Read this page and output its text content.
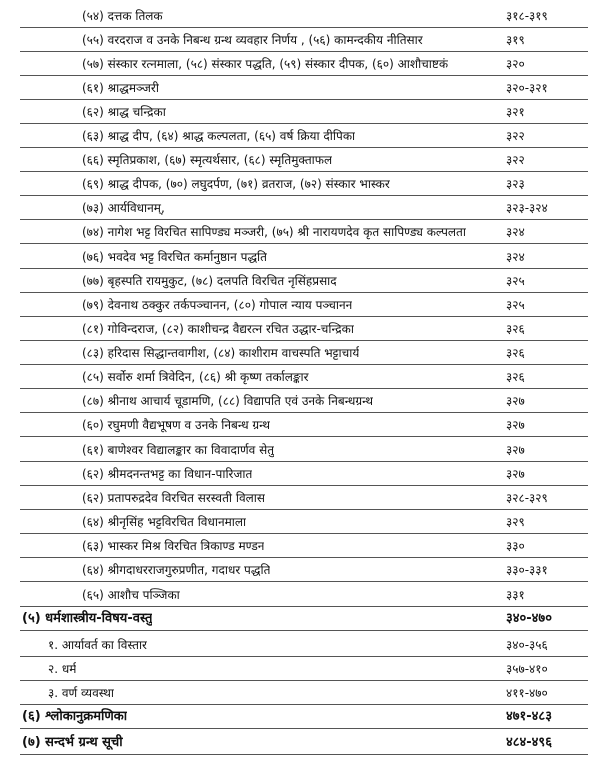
(५४) दत्तक तिलक	३१८-३१९
(५५) वरदराज व उनके निबन्ध ग्रन्थ व्यवहार निर्णय , (५६) कामन्दकीय नीतिसार	३१९
(५७) संस्कार रत्नमाला, (५८) संस्कार पद्धति, (५९) संस्कार दीपक, (६०) आशौचाष्टकं	३२०
(६१) श्राद्धमञ्जरी	३२०-३२१
(६२) श्राद्ध चन्द्रिका	३२१
(६३) श्राद्ध दीप, (६४) श्राद्ध कल्पलता, (६५) वर्ष क्रिया दीपिका	३२२
(६६) स्मृतिप्रकाश, (६७) स्मृत्यर्थसार, (६८) स्मृतिमुक्ताफल	३२२
(६९) श्राद्ध दीपक, (७०) लघुदर्पण, (७१) व्रतराज, (७२) संस्कार भास्कर	३२३
(७३) आर्यविधानम्,	३२३-३२४
(७४) नागेश भट्ट विरचित सापिण्ड्य मञ्जरी, (७५) श्री नारायणदेव कृत सापिण्ड्य कल्पलता	३२४
(७६) भवदेव भट्ट विरचित कर्मानुष्ठान पद्धति	३२४
(७७) बृहस्पति रायमुकुट, (७८) दलपति विरचित नृसिंहप्रसाद	३२५
(७९) देवनाथ ठक्कुर तर्कपञ्चानन, (८०) गोपाल न्याय पञ्चानन	३२५
(८१) गोविन्दराज, (८२) काशीचन्द्र वैद्यरत्न रचित उद्धार-चन्द्रिका	३२६
(८३) हरिदास सिद्धान्तवागीश, (८४) काशीराम वाचस्पति भट्टाचार्य	३२६
(८५) सर्वोरु शर्मा त्रिवेदिन, (८६) श्री कृष्ण तर्कालङ्कार	३२६
(८७) श्रीनाथ आचार्य चूडामणि, (८८) विद्यापति एवं उनके निबन्धग्रन्थ	३२७
(६०) रघुमणी वैद्यभूषण व उनके निबन्ध ग्रन्थ	३२७
(६१) बाणेश्वर विद्यालङ्कार का विवादार्णव सेतु	३२७
(६२) श्रीमदनन्तभट्ट का विधान-पारिजात	३२७
(६२) प्रतापरुद्रदेव विरचित सरस्वती विलास	३२८-३२९
(६४) श्रीनृसिंह भट्टविरचित विधानमाला	३२९
(६३) भास्कर मिश्र विरचित त्रिकाण्ड मण्डन	३३०
(६४) श्रीगदाधरराजगुरुप्रणीत, गदाधर पद्धति	३३०-३३१
(६५) आशौच पञ्जिका	३३१
(५) धर्मशास्त्रीय-विषय-वस्तु	३४०-४७०
१. आर्यावर्त का विस्तार	३४०-३५६
२. धर्म	३५७-४१०
३. वर्ण व्यवस्था	४११-४७०
(६) श्लोकानुक्रमणिका	४७१-४८३
(७) सन्दर्भ ग्रन्थ सूची	४८४-४९६
